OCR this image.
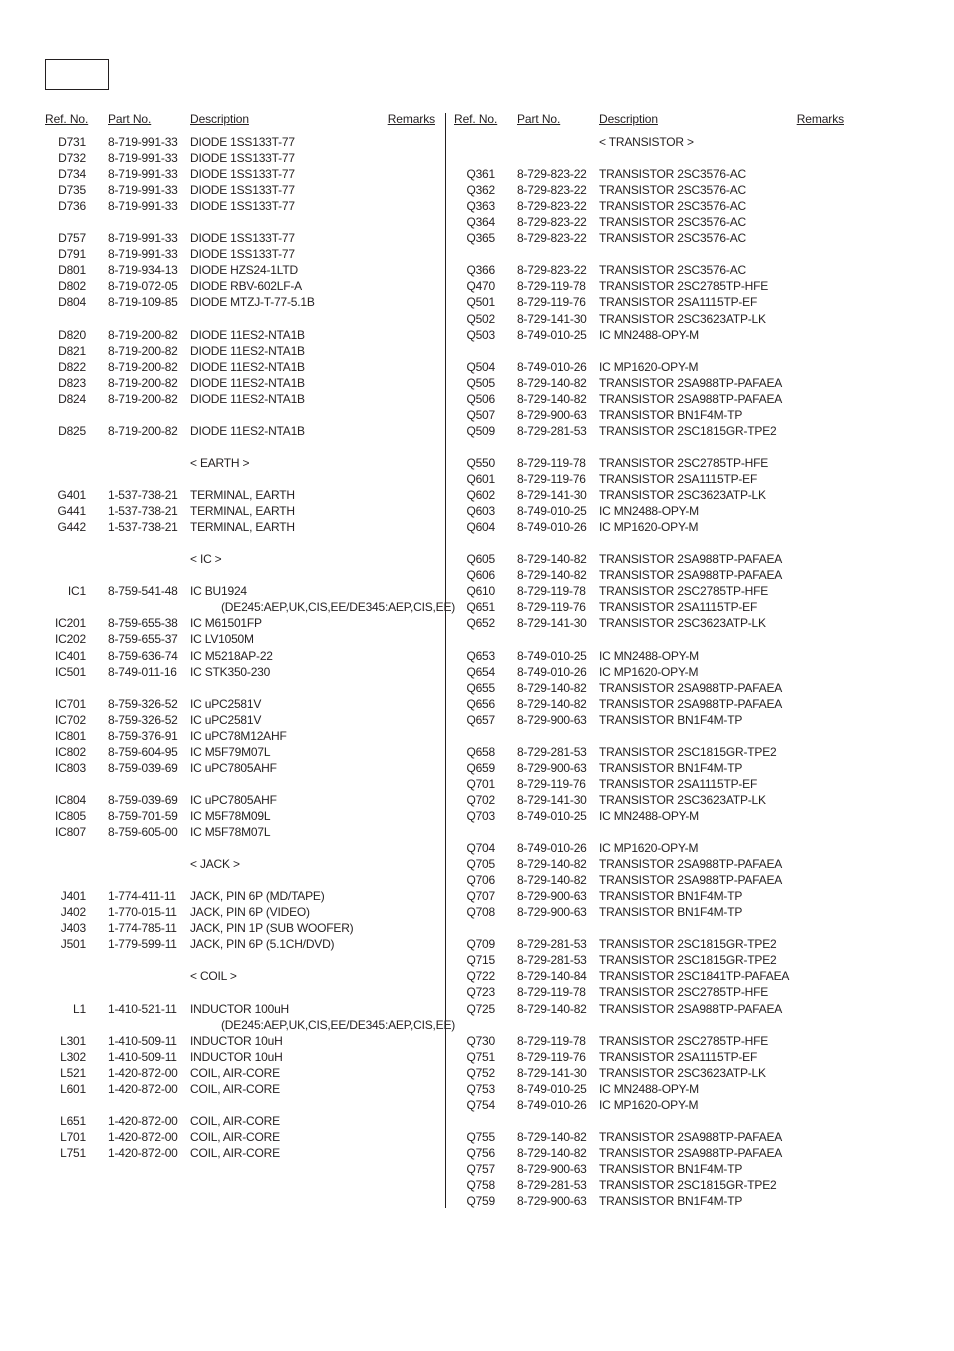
Ref. No. Part No.	Description	Remarks Ref. No. Part No.	Description	Remarks
D731 8-719-991-33 DIODE 1SS133T-77
D732 8-719-991-33 DIODE 1SS133T-77
D734 8-719-991-33 DIODE 1SS133T-77
D735 8-719-991-33 DIODE 1SS133T-77
D736 8-719-991-33 DIODE 1SS133T-77
D757 8-719-991-33 DIODE 1SS133T-77
D791 8-719-991-33 DIODE 1SS133T-77
D801 8-719-934-13 DIODE HZS24-1LTD
D802 8-719-072-05 DIODE RBV-602LF-A
D804 8-719-109-85 DIODE MTZJ-T-77-5.1B
D820 8-719-200-82 DIODE 11ES2-NTA1B
D821 8-719-200-82 DIODE 11ES2-NTA1B
D822 8-719-200-82 DIODE 11ES2-NTA1B
D823 8-719-200-82 DIODE 11ES2-NTA1B
D824 8-719-200-82 DIODE 11ES2-NTA1B
D825 8-719-200-82 DIODE 11ES2-NTA1B
< EARTH >
G401 1-537-738-21 TERMINAL, EARTH
G441 1-537-738-21 TERMINAL, EARTH
G442 1-537-738-21 TERMINAL, EARTH
< IC >
IC1 8-759-541-48 IC BU1924
(DE245:AEP,UK,CIS,EE/DE345:AEP,CIS,EE)
IC201 8-759-655-38 IC M61501FP
IC202 8-759-655-37 IC LV1050M
IC401 8-759-636-74 IC M5218AP-22
IC501 8-749-011-16 IC STK350-230
IC701 8-759-326-52 IC uPC2581V
IC702 8-759-326-52 IC uPC2581V
IC801 8-759-376-91 IC uPC78M12AHF
IC802 8-759-604-95 IC M5F79M07L
IC803 8-759-039-69 IC uPC7805AHF
IC804 8-759-039-69 IC uPC7805AHF
IC805 8-759-701-59 IC M5F78M09L
IC807 8-759-605-00 IC M5F78M07L
< JACK >
J401 1-774-411-11 JACK, PIN 6P (MD/TAPE)
J402 1-770-015-11 JACK, PIN 6P (VIDEO)
J403 1-774-785-11 JACK, PIN 1P (SUB WOOFER)
J501 1-779-599-11 JACK, PIN 6P (5.1CH/DVD)
< COIL >
L1 1-410-521-11 INDUCTOR 100uH
(DE245:AEP,UK,CIS,EE/DE345:AEP,CIS,EE)
L301 1-410-509-11 INDUCTOR 10uH
L302 1-410-509-11 INDUCTOR 10uH
L521 1-420-872-00 COIL, AIR-CORE
L601 1-420-872-00 COIL, AIR-CORE
L651 1-420-872-00 COIL, AIR-CORE
L701 1-420-872-00 COIL, AIR-CORE
L751 1-420-872-00 COIL, AIR-CORE
< TRANSISTOR >
Q361 8-729-823-22 TRANSISTOR 2SC3576-AC
Q362 8-729-823-22 TRANSISTOR 2SC3576-AC
Q363 8-729-823-22 TRANSISTOR 2SC3576-AC
Q364 8-729-823-22 TRANSISTOR 2SC3576-AC
Q365 8-729-823-22 TRANSISTOR 2SC3576-AC
Q366 8-729-823-22 TRANSISTOR 2SC3576-AC
Q470 8-729-119-78 TRANSISTOR 2SC2785TP-HFE
Q501 8-729-119-76 TRANSISTOR 2SA1115TP-EF
Q502 8-729-141-30 TRANSISTOR 2SC3623ATP-LK
Q503 8-749-010-25 IC MN2488-OPY-M
Q504 8-749-010-26 IC MP1620-OPY-M
Q505 8-729-140-82 TRANSISTOR 2SA988TP-PAFAEA
Q506 8-729-140-82 TRANSISTOR 2SA988TP-PAFAEA
Q507 8-729-900-63 TRANSISTOR BN1F4M-TP
Q509 8-729-281-53 TRANSISTOR 2SC1815GR-TPE2
Q550 8-729-119-78 TRANSISTOR 2SC2785TP-HFE
Q601 8-729-119-76 TRANSISTOR 2SA1115TP-EF
Q602 8-729-141-30 TRANSISTOR 2SC3623ATP-LK
Q603 8-749-010-25 IC MN2488-OPY-M
Q604 8-749-010-26 IC MP1620-OPY-M
Q605 8-729-140-82 TRANSISTOR 2SA988TP-PAFAEA
Q606 8-729-140-82 TRANSISTOR 2SA988TP-PAFAEA
Q610 8-729-119-78 TRANSISTOR 2SC2785TP-HFE
Q651 8-729-119-76 TRANSISTOR 2SA1115TP-EF
Q652 8-729-141-30 TRANSISTOR 2SC3623ATP-LK
Q653 8-749-010-25 IC MN2488-OPY-M
Q654 8-749-010-26 IC MP1620-OPY-M
Q655 8-729-140-82 TRANSISTOR 2SA988TP-PAFAEA
Q656 8-729-140-82 TRANSISTOR 2SA988TP-PAFAEA
Q657 8-729-900-63 TRANSISTOR BN1F4M-TP
Q658 8-729-281-53 TRANSISTOR 2SC1815GR-TPE2
Q659 8-729-900-63 TRANSISTOR BN1F4M-TP
Q701 8-729-119-76 TRANSISTOR 2SA1115TP-EF
Q702 8-729-141-30 TRANSISTOR 2SC3623ATP-LK
Q703 8-749-010-25 IC MN2488-OPY-M
Q704 8-749-010-26 IC MP1620-OPY-M
Q705 8-729-140-82 TRANSISTOR 2SA988TP-PAFAEA
Q706 8-729-140-82 TRANSISTOR 2SA988TP-PAFAEA
Q707 8-729-900-63 TRANSISTOR BN1F4M-TP
Q708 8-729-900-63 TRANSISTOR BN1F4M-TP
Q709 8-729-281-53 TRANSISTOR 2SC1815GR-TPE2
Q715 8-729-281-53 TRANSISTOR 2SC1815GR-TPE2
Q722 8-729-140-84 TRANSISTOR 2SC1841TP-PAFAEA
Q723 8-729-119-78 TRANSISTOR 2SC2785TP-HFE
Q725 8-729-140-82 TRANSISTOR 2SA988TP-PAFAEA
Q730 8-729-119-78 TRANSISTOR 2SC2785TP-HFE
Q751 8-729-119-76 TRANSISTOR 2SA1115TP-EF
Q752 8-729-141-30 TRANSISTOR 2SC3623ATP-LK
Q753 8-749-010-25 IC MN2488-OPY-M
Q754 8-749-010-26 IC MP1620-OPY-M
Q755 8-729-140-82 TRANSISTOR 2SA988TP-PAFAEA
Q756 8-729-140-82 TRANSISTOR 2SA988TP-PAFAEA
Q757 8-729-900-63 TRANSISTOR BN1F4M-TP
Q758 8-729-281-53 TRANSISTOR 2SC1815GR-TPE2
Q759 8-729-900-63 TRANSISTOR BN1F4M-TP
